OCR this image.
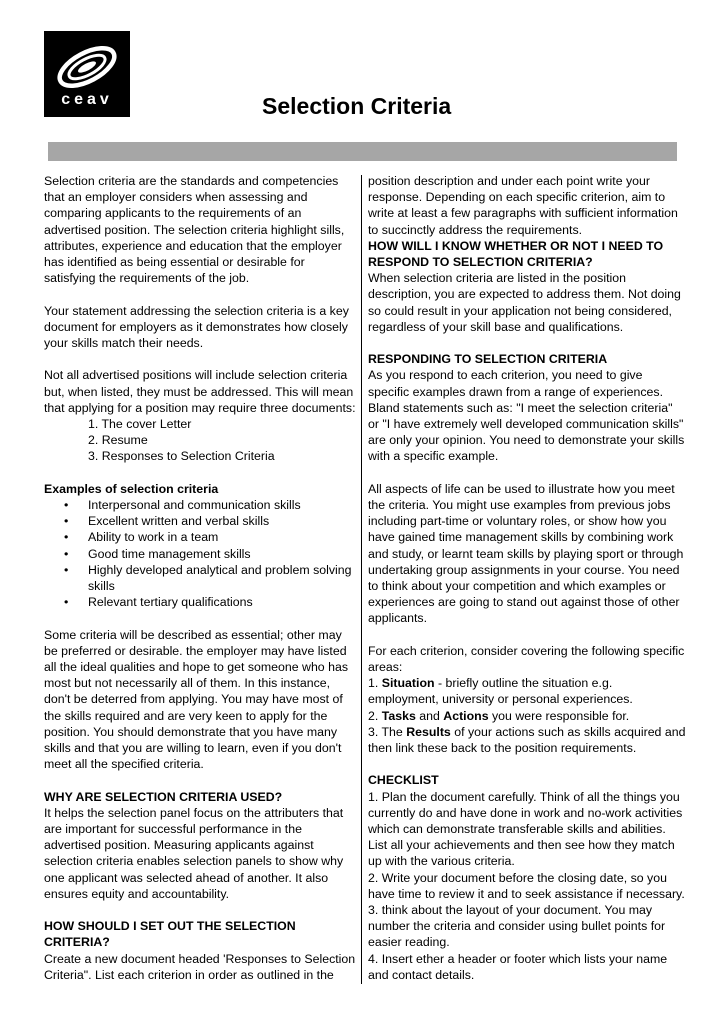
ceav	Selection Criteria

Selection criteria are the standards and competencies that an employer considers when assessing and comparing applicants to the requirements of an advertised position. The selection criteria highlight sills, attributes, experience and education that the employer has identified as being essential or desirable for satisfying the requirements of the job.

Your statement addressing the selection criteria is a key document for employers as it demonstrates how closely your skills match their needs.

Not all advertised positions will include selection criteria but, when listed, they must be addressed. This will mean that applying for a position may require three documents:

1. The cover Letter
2. Resume
3. Responses to Selection Criteria

Examples of selection criteria

• Interpersonal and communication skills
• Excellent written and verbal skills
• Ability to work in a team
• Good time management skills
• Highly developed analytical and problem solving skills
• Relevant tertiary qualifications

Some criteria will be described as essential; other may be preferred or desirable. the employer may have listed all the ideal qualities and hope to get someone who has most but not necessarily all of them. In this instance, don't be deterred from applying. You may have most of the skills required and are very keen to apply for the position. You should demonstrate that you have many skills and that you are willing to learn, even if you don't meet all the specified criteria.

WHY ARE SELECTION CRITERIA USED?

It helps the selection panel focus on the attributers that are important for successful performance in the advertised position. Measuring applicants against selection criteria enables selection panels to show why one applicant was selected ahead of another. It also ensures equity and accountability.

HOW SHOULD I SET OUT THE SELECTION CRITERIA?

Create a new document headed 'Responses to Selection Criteria". List each criterion in order as outlined in the

position description and under each point write your response. Depending on each specific criterion, aim to write at least a few paragraphs with sufficient information to succinctly address the requirements.

HOW WILL I KNOW WHETHER OR NOT I NEED TO RESPOND TO SELECTION CRITERIA?

When selection criteria are listed in the position description, you are expected to address them. Not doing so could result in your application not being considered, regardless of your skill base and qualifications.

RESPONDING TO SELECTION CRITERIA

As you respond to each criterion, you need to give specific examples drawn from a range of experiences. Bland statements such as: "I meet the selection criteria" or "I have extremely well developed communication skills" are only your opinion. You need to demonstrate your skills with a specific example.

All aspects of life can be used to illustrate how you meet the criteria. You might use examples from previous jobs including part-time or voluntary roles, or show how you have gained time management skills by combining work and study, or learnt team skills by playing sport or through undertaking group assignments in your course. You need to think about your competition and which examples or experiences are going to stand out against those of other applicants.

For each criterion, consider covering the following specific areas:

1. Situation - briefly outline the situation e.g. employment, university or personal experiences.

2. Tasks and Actions you were responsible for.

3. The Results of your actions such as skills acquired and then link these back to the position requirements.

CHECKLIST

1. Plan the document carefully. Think of all the things you currently do and have done in work and no-work activities which can demonstrate transferable skills and abilities. List all your achievements and then see how they match up with the various criteria.

2. Write your document before the closing date, so you have time to review it and to seek assistance if necessary.

3. think about the layout of your document. You may number the criteria and consider using bullet points for easier reading.

4. Insert ether a header or footer which lists your name and contact details.
